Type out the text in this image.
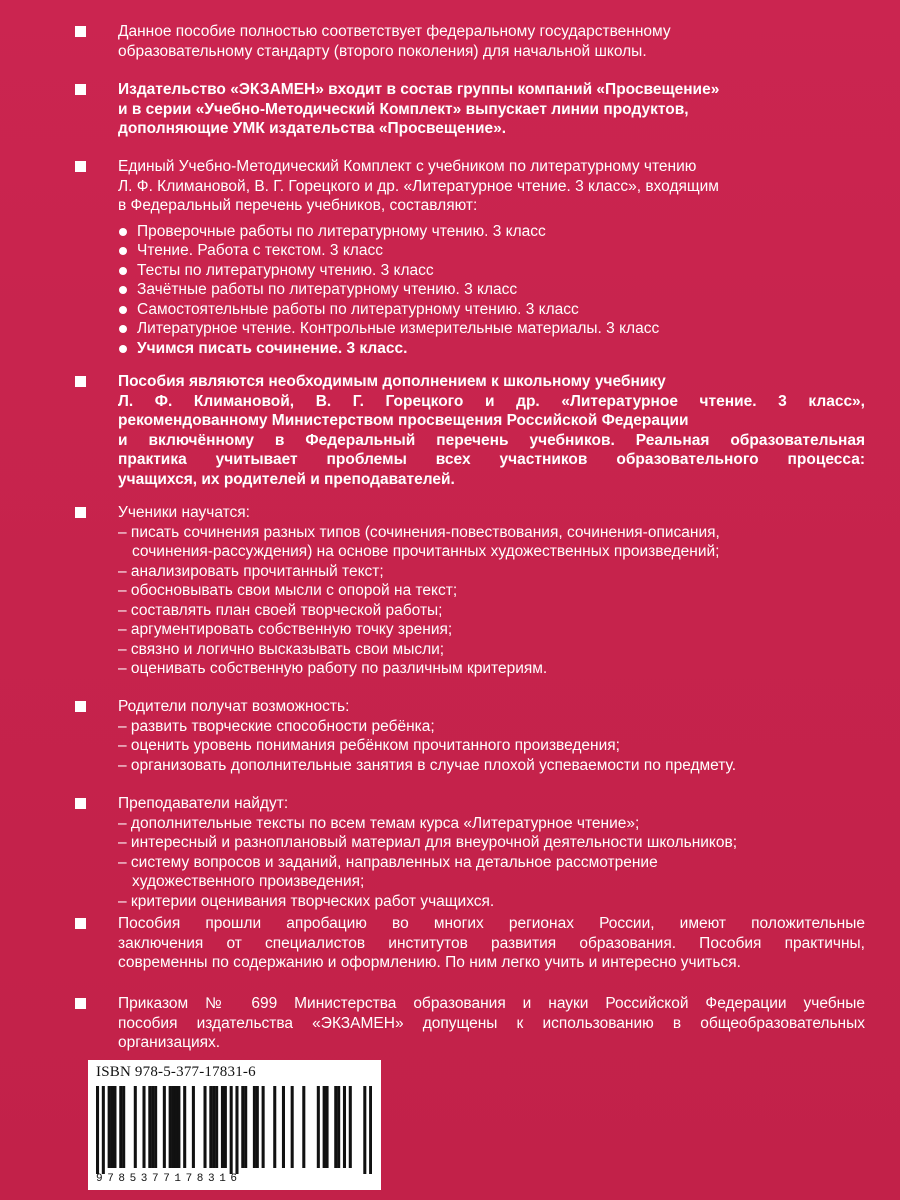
Данное пособие полностью соответствует федеральному государственному
образовательному стандарту (второго поколения) для начальной школы.
Издательство «ЭКЗАМЕН» входит в состав группы компаний «Просвещение»
и в серии «Учебно-Методический Комплект» выпускает линии продуктов,
дополняющие УМК издательства «Просвещение».
Единый Учебно-Методический Комплект с учебником по литературному чтению
Л. Ф. Климановой, В. Г. Горецкого и др. «Литературное чтение. 3 класс», входящим
в Федеральный перечень учебников, составляют:
Проверочные работы по литературному чтению. 3 класс
Чтение. Работа с текстом. 3 класс
Тесты по литературному чтению. 3 класс
Зачётные работы по литературному чтению. 3 класс
Самостоятельные работы по литературному чтению. 3 класс
Литературное чтение. Контрольные измерительные материалы. 3 класс
Учимся писать сочинение. 3 класс.
Пособия являются необходимым дополнением к школьному учебнику
Л. Ф. Климановой, В. Г. Горецкого и др. «Литературное чтение. 3 класс»,
рекомендованному Министерством просвещения Российской Федерации
и включённому в Федеральный перечень учебников. Реальная образовательная
практика учитывает проблемы всех участников образовательного процесса:
учащихся, их родителей и преподавателей.
Ученики научатся:
– писать сочинения разных типов (сочинения-повествования, сочинения-описания,
сочинения-рассуждения) на основе прочитанных художественных произведений;
– анализировать прочитанный текст;
– обосновывать свои мысли с опорой на текст;
– составлять план своей творческой работы;
– аргументировать собственную точку зрения;
– связно и логично высказывать свои мысли;
– оценивать собственную работу по различным критериям.
Родители получат возможность:
– развить творческие способности ребёнка;
– оценить уровень понимания ребёнком прочитанного произведения;
– организовать дополнительные занятия в случае плохой успеваемости по предмету.
Преподаватели найдут:
– дополнительные тексты по всем темам курса «Литературное чтение»;
– интересный и разноплановый материал для внеурочной деятельности школьников;
– систему вопросов и заданий, направленных на детальное рассмотрение
художественного произведения;
– критерии оценивания творческих работ учащихся.
Пособия прошли апробацию во многих регионах России, имеют положительные
заключения от специалистов институтов развития образования. Пособия практичны,
современны по содержанию и оформлению. По ним легко учить и интересно учиться.
Приказом № 699 Министерства образования и науки Российской Федерации учебные
пособия издательства «ЭКЗАМЕН» допущены к использованию в общеобразовательных
организациях.
ISBN 978-5-377-17831-6
9785377178316
